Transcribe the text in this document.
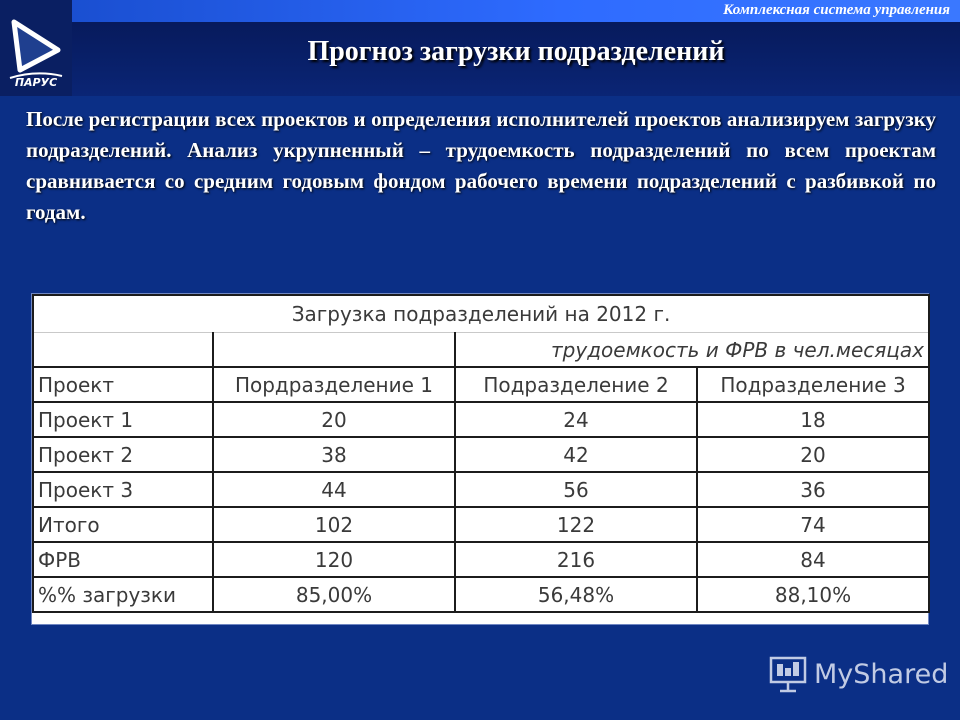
ПАРУС
Комплексная система управления
Прогноз загрузки подразделений

После регистрации всех проектов и определения исполнителей проектов анализируем загрузку подразделений. Анализ укрупненный – трудоемкость подразделений по всем проектам сравнивается со средним годовым фондом рабочего времени подразделений с разбивкой по годам.

Загрузка подразделений на 2012 г.			
		трудоемкость и ФРВ в чел.месяцах	
Проект	Пордразделение 1	Подразделение 2	Подразделение 3
Проект 1	20	24	18
Проект 2	38	42	20
Проект 3	44	56	36
Итого	102	122	74
ФРВ	120	216	84
%% загрузки	85,00%	56,48%	88,10%
MyShared
